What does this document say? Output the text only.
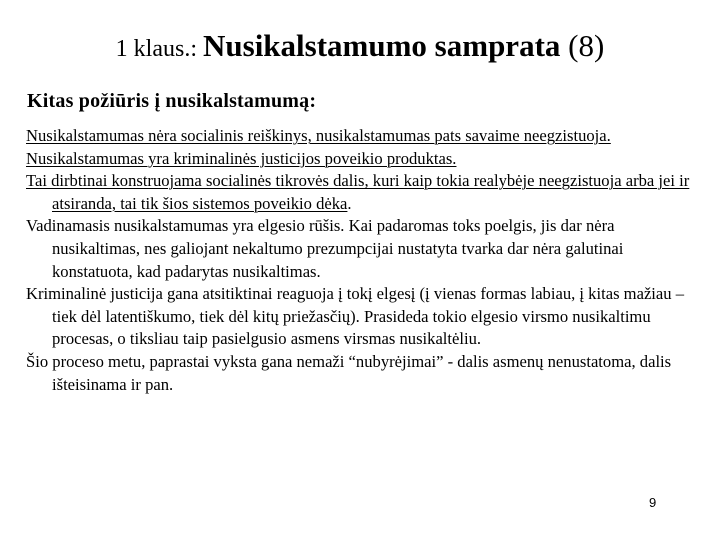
1 klaus.: Nusikalstamumo samprata (8)
Kitas požiūris į nusikalstamumą:

Nusikalstamumas nėra socialinis reiškinys, nusikalstamumas pats savaime neegzistuoja.

Nusikalstamumas yra kriminalinės justicijos poveikio produktas.

Tai dirbtinai konstruojama socialinės tikrovės dalis, kuri kaip tokia realybėje neegzistuoja arba jei ir atsiranda, tai tik šios sistemos poveikio dėka.

Vadinamasis nusikalstamumas yra elgesio rūšis. Kai padaromas toks poelgis, jis dar nėra nusikaltimas, nes galiojant nekaltumo prezumpcijai nustatyta tvarka dar nėra galutinai konstatuota, kad padarytas nusikaltimas.

Kriminalinė justicija gana atsitiktinai reaguoja į tokį elgesį (į vienas formas labiau, į kitas mažiau – tiek dėl latentiškumo, tiek dėl kitų priežasčių). Prasideda tokio elgesio virsmo nusikaltimu procesas, o tiksliau taip pasielgusio asmens virsmas nusikaltėliu.

Šio proceso metu, paprastai vyksta gana nemaži “nubyrėjimai” - dalis asmenų nenustatoma, dalis išteisinama ir pan.

9
